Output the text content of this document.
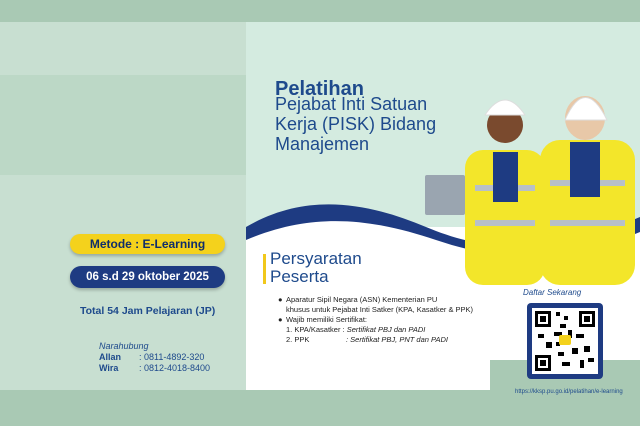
Pelatihan
Pejabat Inti Satuan Kerja (PISK) Bidang Manajemen
Persyaratan
Peserta
● Aparatur Sipil Negara (ASN) Kementerian PU
khusus untuk Pejabat Inti Satker (KPA, Kasatker & PPK)
● Wajib memiliki Sertifikat:
1. KPA/Kasatker : Sertifikat PBJ dan PADI
2. PPK	: Sertifikat PBJ, PNT dan PADI
Metode : E-Learning
06 s.d 29 oktober 2025
Total 54 Jam Pelajaran (JP)
Narahubung
Allan	: 0811-4892-320
Wira	: 0812-4018-8400
Daftar Sekarang
https://kksp.pu.go.id/pelatihan/e-learning
